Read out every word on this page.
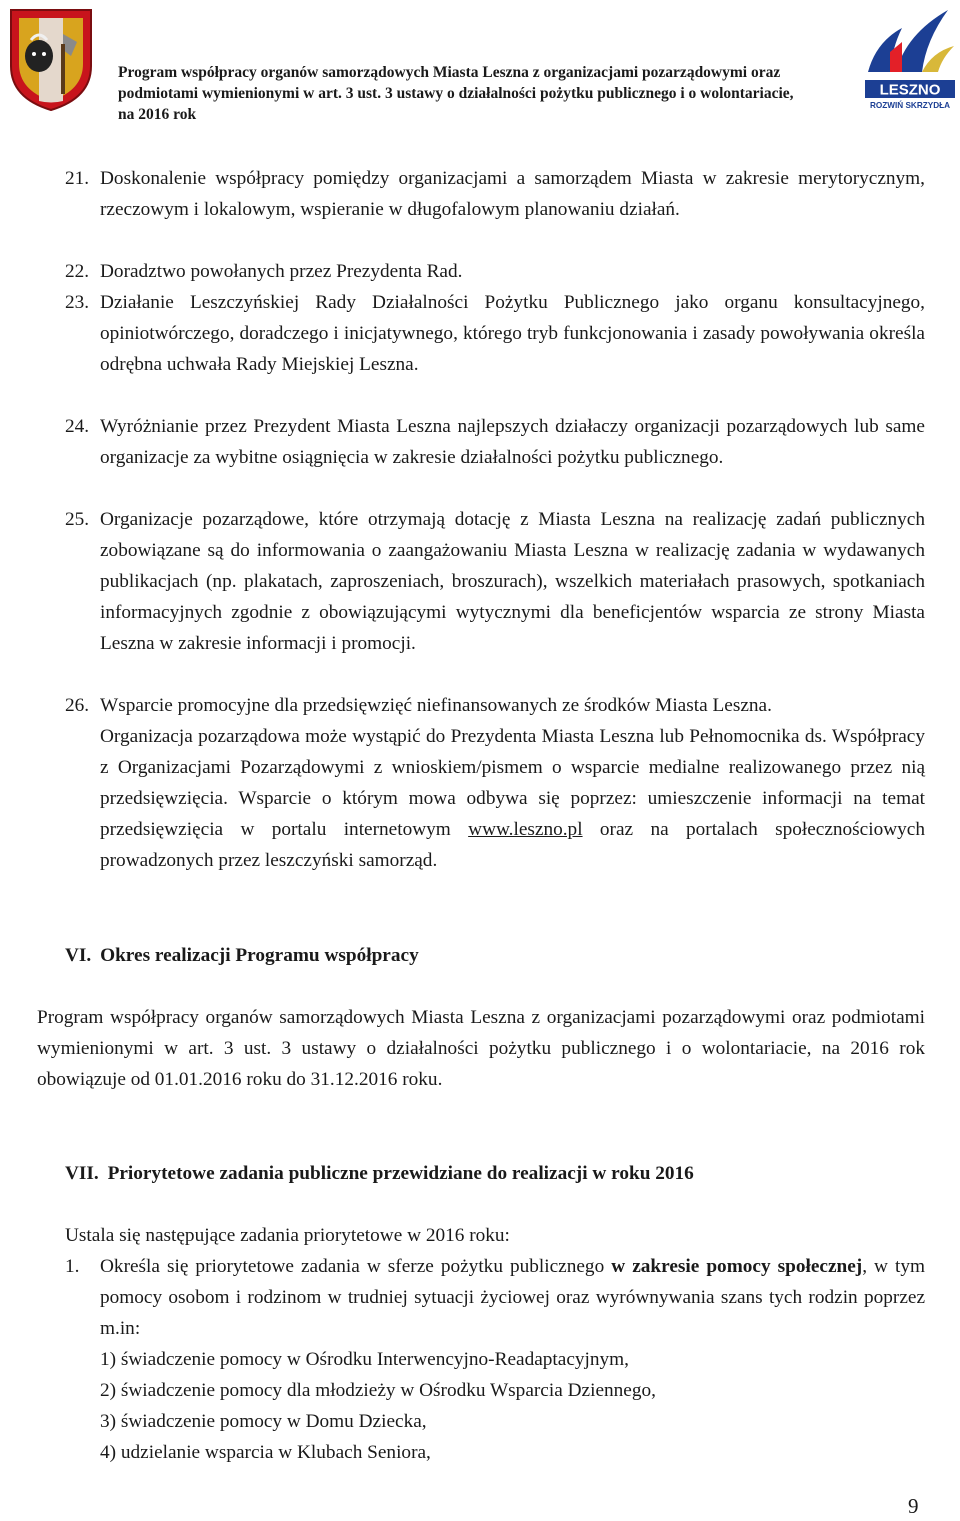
Program współpracy organów samorządowych Miasta Leszna z organizacjami pozarządowymi oraz
podmiotami wymienionymi w art. 3 ust. 3 ustawy o działalności pożytku publicznego i o wolontariacie,
na 2016 rok
LESZNO
ROZWIŃ SKRZYDŁA
21. Doskonalenie współpracy pomiędzy organizacjami a samorządem Miasta w zakresie merytorycznym, rzeczowym i lokalowym, wspieranie w długofalowym planowaniu działań.
22. Doradztwo powołanych przez Prezydenta Rad.
23. Działanie Leszczyńskiej Rady Działalności Pożytku Publicznego jako organu konsultacyjnego, opiniotwórczego, doradczego i inicjatywnego, którego tryb funkcjonowania i zasady powoływania określa odrębna uchwała Rady Miejskiej Leszna.
24. Wyróżnianie przez Prezydent Miasta Leszna najlepszych działaczy organizacji pozarządowych lub same organizacje za wybitne osiągnięcia w zakresie działalności pożytku publicznego.
25. Organizacje pozarządowe, które otrzymają dotację z Miasta Leszna na realizację zadań publicznych zobowiązane są do informowania o zaangażowaniu Miasta Leszna w realizację zadania w wydawanych publikacjach (np. plakatach, zaproszeniach, broszurach), wszelkich materiałach prasowych, spotkaniach informacyjnych zgodnie z obowiązującymi wytycznymi dla beneficjentów wsparcia ze strony Miasta Leszna w zakresie informacji i promocji.
26. Wsparcie promocyjne dla przedsięwzięć niefinansowanych ze środków Miasta Leszna.
Organizacja pozarządowa może wystąpić do Prezydenta Miasta Leszna lub Pełnomocnika ds. Współpracy z Organizacjami Pozarządowymi z wnioskiem/pismem o wsparcie medialne realizowanego przez nią przedsięwzięcia. Wsparcie o którym mowa odbywa się poprzez: umieszczenie informacji na temat przedsięwzięcia w portalu internetowym www.leszno.pl oraz na portalach społecznościowych prowadzonych przez leszczyński samorząd.
VI. Okres realizacji Programu współpracy
Program współpracy organów samorządowych Miasta Leszna z organizacjami pozarządowymi oraz podmiotami wymienionymi w art. 3 ust. 3 ustawy o działalności pożytku publicznego i o wolontariacie, na 2016 rok obowiązuje od 01.01.2016 roku do 31.12.2016 roku.
VII. Priorytetowe zadania publiczne przewidziane do realizacji w roku 2016
Ustala się następujące zadania priorytetowe w 2016 roku:
1. Określa się priorytetowe zadania w sferze pożytku publicznego w zakresie pomocy społecznej, w tym pomocy osobom i rodzinom w trudniej sytuacji życiowej oraz wyrównywania szans tych rodzin poprzez m.in:
1) świadczenie pomocy w Ośrodku Interwencyjno-Readaptacyjnym,
2) świadczenie pomocy dla młodzieży w Ośrodku Wsparcia Dziennego,
3) świadczenie pomocy w Domu Dziecka,
4) udzielanie wsparcia w Klubach Seniora,
9
